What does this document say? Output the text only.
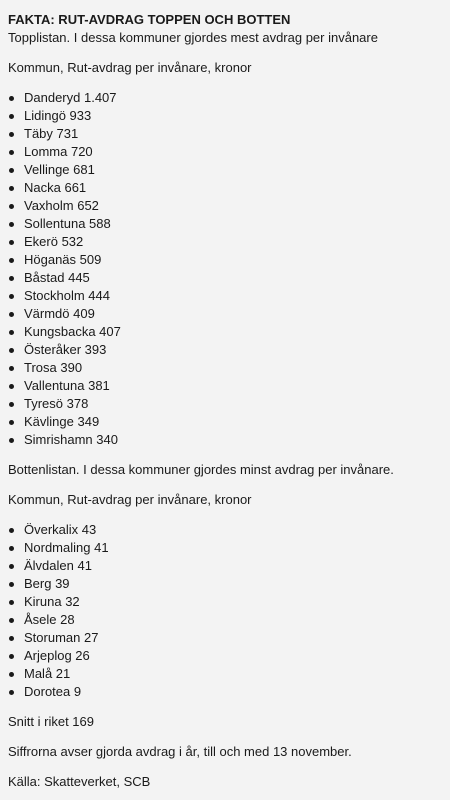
FAKTA: RUT-AVDRAG TOPPEN OCH BOTTEN

Topplistan. I dessa kommuner gjordes mest avdrag per invånare

Kommun, Rut-avdrag per invånare, kronor

Danderyd 1.407
Lidingö 933
Täby 731
Lomma 720
Vellinge 681
Nacka 661
Vaxholm 652
Sollentuna 588
Ekerö 532
Höganäs 509
Båstad 445
Stockholm 444
Värmdö 409
Kungsbacka 407
Österåker 393
Trosa 390
Vallentuna 381
Tyresö 378
Kävlinge 349
Simrishamn 340

Bottenlistan. I dessa kommuner gjordes minst avdrag per invånare.

Kommun, Rut-avdrag per invånare, kronor

Överkalix 43
Nordmaling 41
Älvdalen 41
Berg 39
Kiruna 32
Åsele 28
Storuman 27
Arjeplog 26
Malå 21
Dorotea 9

Snitt i riket 169

Siffrorna avser gjorda avdrag i år, till och med 13 november.

Källa: Skatteverket, SCB
